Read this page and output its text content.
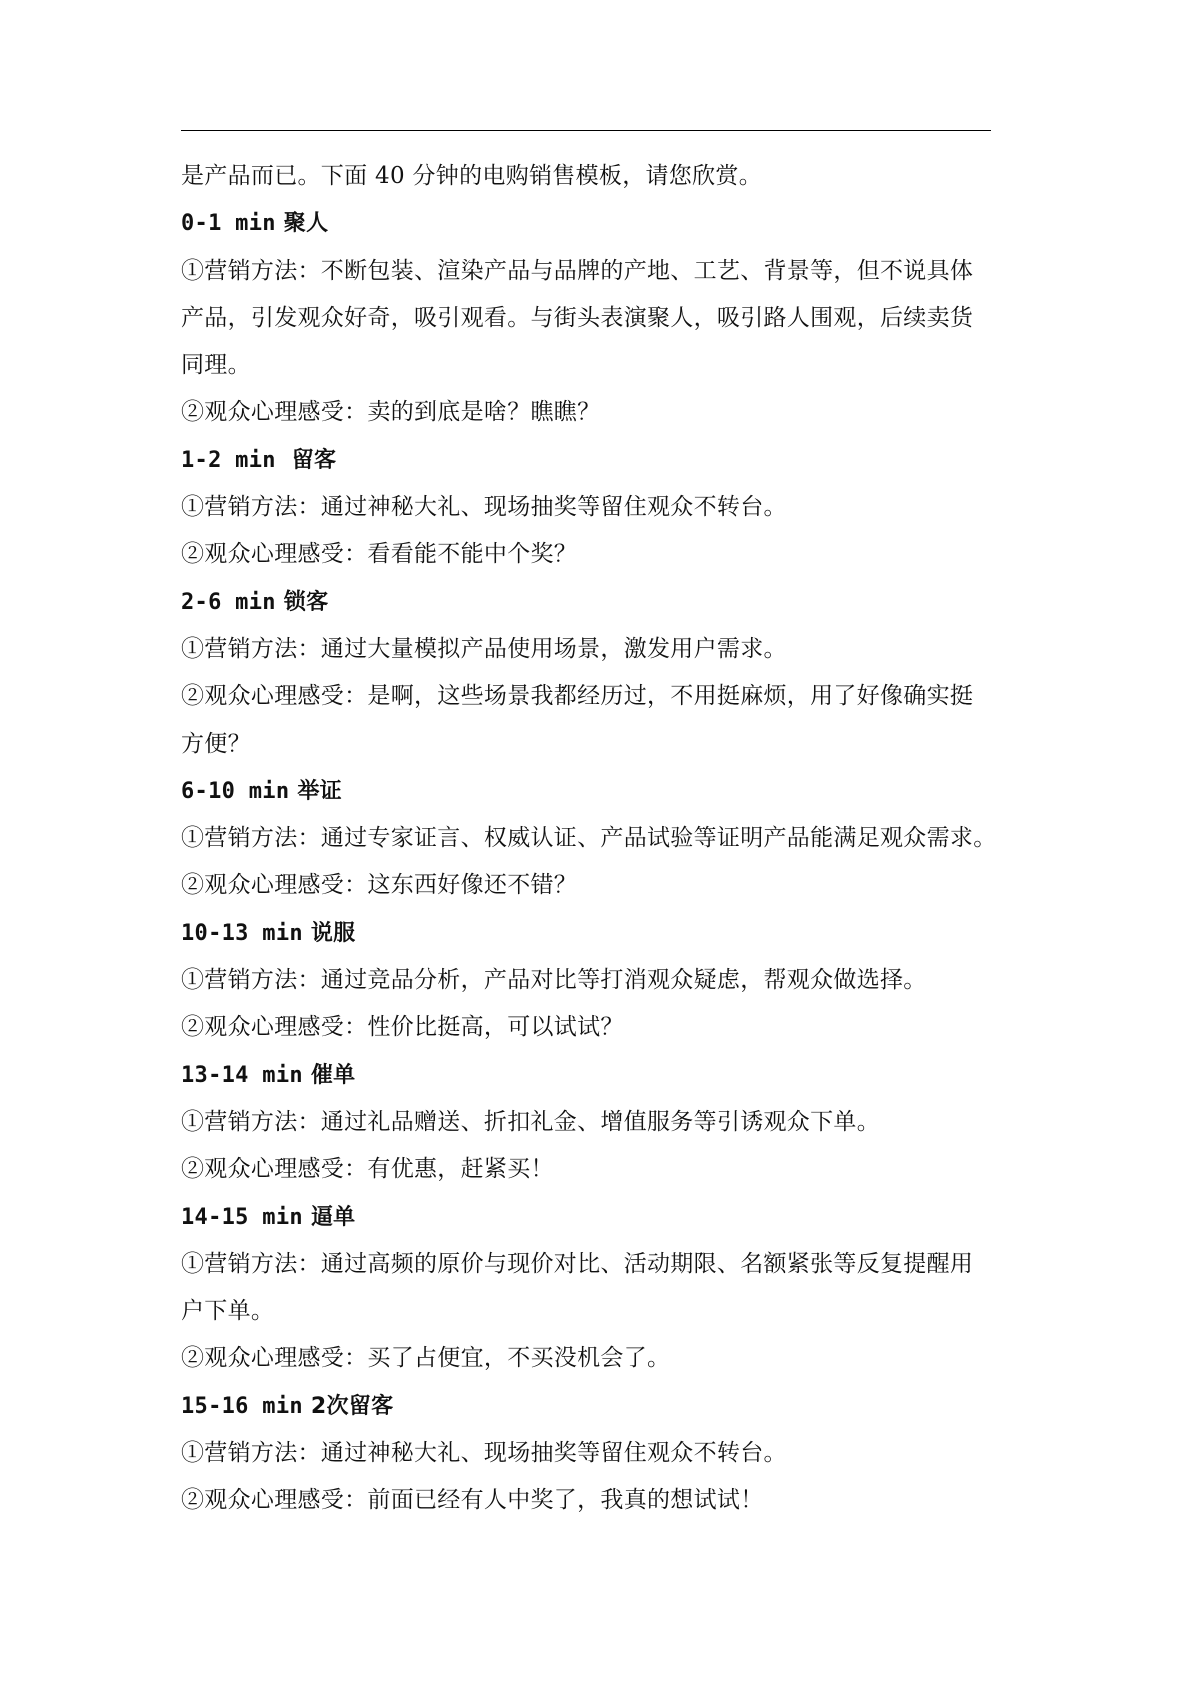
是产品而已。下面 40 分钟的电购销售模板，请您欣赏。
0-1 min 聚人
①营销方法：不断包装、渲染产品与品牌的产地、工艺、背景等，但不说具体
产品，引发观众好奇，吸引观看。与街头表演聚人，吸引路人围观，后续卖货
同理。
②观众心理感受：卖的到底是啥？瞧瞧？
1-2 min 留客
①营销方法：通过神秘大礼、现场抽奖等留住观众不转台。
②观众心理感受：看看能不能中个奖？
2-6 min 锁客
①营销方法：通过大量模拟产品使用场景，激发用户需求。
②观众心理感受：是啊，这些场景我都经历过，不用挺麻烦，用了好像确实挺
方便？
6-10 min 举证
①营销方法：通过专家证言、权威认证、产品试验等证明产品能满足观众需求。
②观众心理感受：这东西好像还不错？
10-13 min 说服
①营销方法：通过竞品分析，产品对比等打消观众疑虑，帮观众做选择。
②观众心理感受：性价比挺高，可以试试？
13-14 min 催单
①营销方法：通过礼品赠送、折扣礼金、增值服务等引诱观众下单。
②观众心理感受：有优惠，赶紧买！
14-15 min 逼单
①营销方法：通过高频的原价与现价对比、活动期限、名额紧张等反复提醒用
户下单。
②观众心理感受：买了占便宜，不买没机会了。
15-16 min 2次留客
①营销方法：通过神秘大礼、现场抽奖等留住观众不转台。
②观众心理感受：前面已经有人中奖了，我真的想试试！
